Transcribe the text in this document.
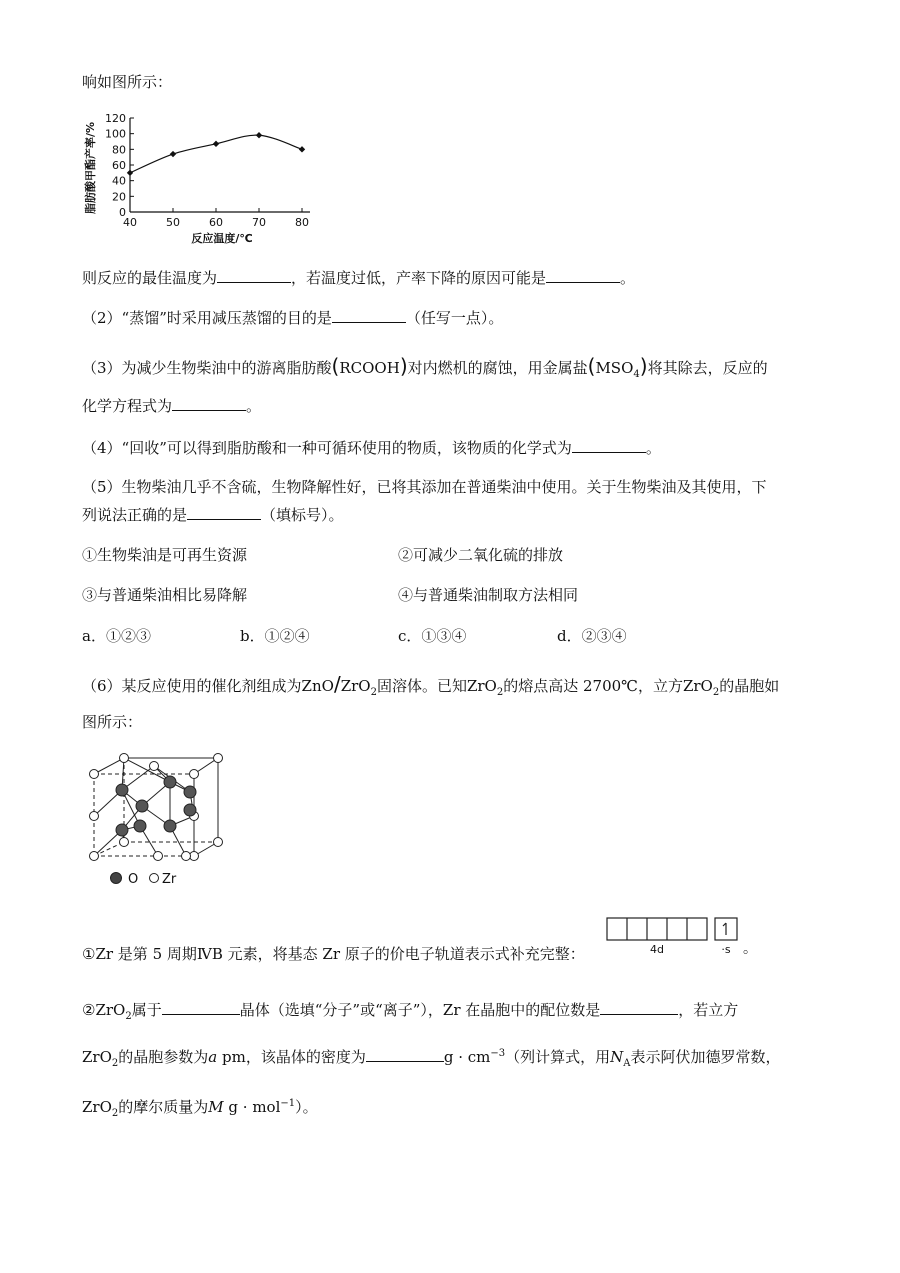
响如图所示：
0
20
40
60
80
100
120
40	50	60	70	80
脂肪酸甲酯产率/%
反应温度/℃
则反应的最佳温度为	，若温度过低，产率下降的原因可能是	。
（2）“蒸馏”时采用减压蒸馏的目的是	（任写一点）。
（3）为减少生物柴油中的游离脂肪酸(RCOOH)对内燃机的腐蚀，用金属盐$(MSO_4)$将其除去，反应的
化学方程式为	。
（4）“回收”可以得到脂肪酸和一种可循环使用的物质，该物质的化学式为	。
（5）生物柴油几乎不含硫，生物降解性好，已将其添加在普通柴油中使用。关于生物柴油及其使用，下
列说法正确的是	（填标号）。
①生物柴油是可再生资源	②可减少二氧化硫的排放
③与普通柴油相比易降解	④与普通柴油制取方法相同
a．①②③	b．①②④	c．①③④	d．②③④
（6）某反应使用的催化剂组成为ZnO/ZrO$_2$固溶体。已知ZrO$_2$的熔点高达 2700℃，立方ZrO$_2$的晶胞如
图所示：
O Zr
①Zr 是第 5 周期ⅣB 元素，将基态 Zr 原子的价电子轨道表示式补充完整：	4d	·s 。
②ZrO$_2$属于	晶体（选填“分子”或“离子”），Zr 在晶胞中的配位数是	，若立方
ZrO$_2$的晶胞参数为a pm，该晶体的密度为	$g \cdot cm^{-3}$（列计算式，用$N_A$表示阿伏加德罗常数，
ZrO$_2$的摩尔质量为M g · mol$^{-1}$）。
